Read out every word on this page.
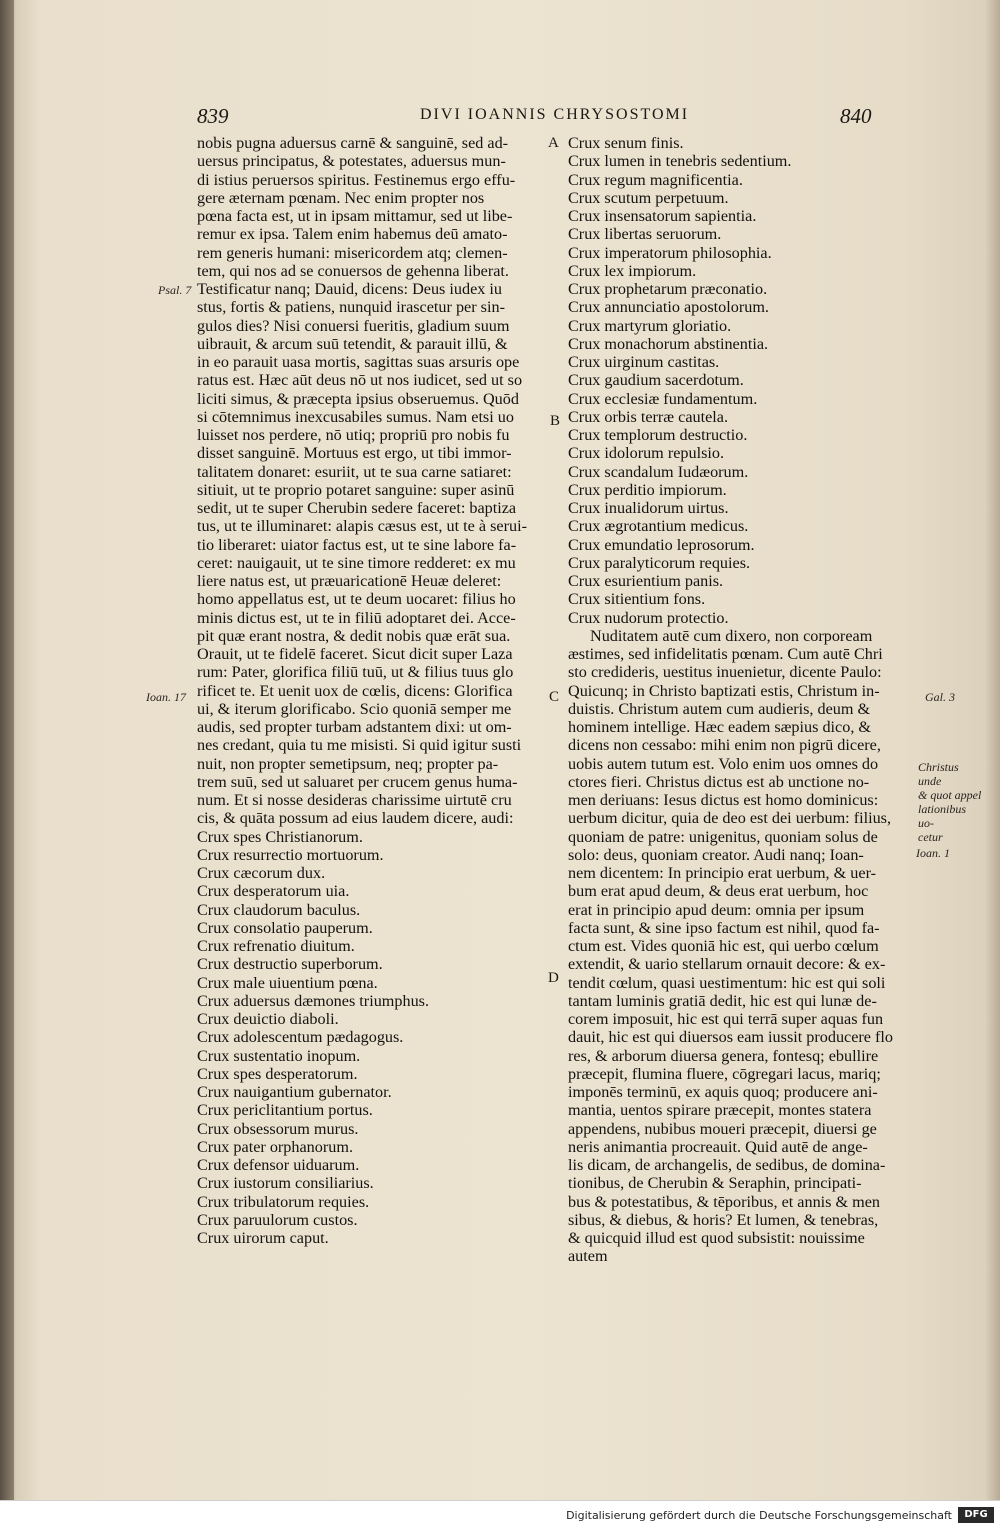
839	DIVI IOANNIS CHRYSOSTOMI	840
nobis pugna aduersus carnē & sanguinē, sed ad-
uersus principatus, & potestates, aduersus mun-
di istius peruersos spiritus. Festinemus ergo effu-
gere æternam pœnam. Nec enim propter nos
pœna facta est, ut in ipsam mittamur, sed ut libe-
remur ex ipsa. Talem enim habemus deū amato-
rem generis humani: misericordem atq; clemen-
tem, qui nos ad se conuersos de gehenna liberat.
Testificatur nanq; Dauid, dicens: Deus iudex iu
stus, fortis & patiens, nunquid irascetur per sin-
gulos dies? Nisi conuersi fueritis, gladium suum
uibrauit, & arcum suū tetendit, & parauit illū, &
in eo parauit uasa mortis, sagittas suas arsuris ope
ratus est. Hæc aūt deus nō ut nos iudicet, sed ut so
liciti simus, & præcepta ipsius obseruemus. Quōd
si cōtemnimus inexcusabiles sumus. Nam etsi uo
luisset nos perdere, nō utiq; propriū pro nobis fu
disset sanguinē. Mortuus est ergo, ut tibi immor-
talitatem donaret: esuriit, ut te sua carne satiaret:
sitiuit, ut te proprio potaret sanguine: super asinū
sedit, ut te super Cherubin sedere faceret: baptiza
tus, ut te illuminaret: alapis cæsus est, ut te à serui-
tio liberaret: uiator factus est, ut te sine labore fa-
ceret: nauigauit, ut te sine timore redderet: ex mu
liere natus est, ut præuaricationē Heuæ deleret:
homo appellatus est, ut te deum uocaret: filius ho
minis dictus est, ut te in filiū adoptaret dei. Acce-
pit quæ erant nostra, & dedit nobis quæ erāt sua.
Orauit, ut te fidelē faceret. Sicut dicit super Laza
rum: Pater, glorifica filiū tuū, ut & filius tuus glo
rificet te. Et uenit uox de cœlis, dicens: Glorifica
ui, & iterum glorificabo. Scio quoniā semper me
audis, sed propter turbam adstantem dixi: ut om-
nes credant, quia tu me misisti. Si quid igitur susti
nuit, non propter semetipsum, neq; propter pa-
trem suū, sed ut saluaret per crucem genus huma-
num. Et si nosse desideras charissime uirtutē cru
cis, & quāta possum ad eius laudem dicere, audi:
Crux spes Christianorum.
Crux resurrectio mortuorum.
Crux cæcorum dux.
Crux desperatorum uia.
Crux claudorum baculus.
Crux consolatio pauperum.
Crux refrenatio diuitum.
Crux destructio superborum.
Crux male uiuentium pœna.
Crux aduersus dæmones triumphus.
Crux deuictio diaboli.
Crux adolescentum pædagogus.
Crux sustentatio inopum.
Crux spes desperatorum.
Crux nauigantium gubernator.
Crux periclitantium portus.
Crux obsessorum murus.
Crux pater orphanorum.
Crux defensor uiduarum.
Crux iustorum consiliarius.
Crux tribulatorum requies.
Crux paruulorum custos.
Crux uirorum caput.
Crux senum finis.
Crux lumen in tenebris sedentium.
Crux regum magnificentia.
Crux scutum perpetuum.
Crux insensatorum sapientia.
Crux libertas seruorum.
Crux imperatorum philosophia.
Crux lex impiorum.
Crux prophetarum præconatio.
Crux annunciatio apostolorum.
Crux martyrum gloriatio.
Crux monachorum abstinentia.
Crux uirginum castitas.
Crux gaudium sacerdotum.
Crux ecclesiæ fundamentum.
Crux orbis terræ cautela.
Crux templorum destructio.
Crux idolorum repulsio.
Crux scandalum Iudæorum.
Crux perditio impiorum.
Crux inualidorum uirtus.
Crux ægrotantium medicus.
Crux emundatio leprosorum.
Crux paralyticorum requies.
Crux esurientium panis.
Crux sitientium fons.
Crux nudorum protectio.
Nuditatem autē cum dixero, non corpoream
æstimes, sed infidelitatis pœnam. Cum autē Chri
sto credideris, uestitus inuenietur, dicente Paulo:
Quicunq; in Christo baptizati estis, Christum in-
duistis. Christum autem cum audieris, deum &
hominem intellige. Hæc eadem sæpius dico, &
dicens non cessabo: mihi enim non pigrū dicere,
uobis autem tutum est. Volo enim uos omnes do
ctores fieri. Christus dictus est ab unctione no-
men deriuans: Iesus dictus est homo dominicus:
uerbum dicitur, quia de deo est dei uerbum: filius,
quoniam de patre: unigenitus, quoniam solus de
solo: deus, quoniam creator. Audi nanq; Ioan-
nem dicentem: In principio erat uerbum, & uer-
bum erat apud deum, & deus erat uerbum, hoc
erat in principio apud deum: omnia per ipsum
facta sunt, & sine ipso factum est nihil, quod fa-
ctum est. Vides quoniā hic est, qui uerbo cœlum
extendit, & uario stellarum ornauit decore: & ex-
tendit cœlum, quasi uestimentum: hic est qui soli
tantam luminis gratiā dedit, hic est qui lunæ de-
corem imposuit, hic est qui terrā super aquas fun
dauit, hic est qui diuersos eam iussit producere flo
res, & arborum diuersa genera, fontesq; ebullire
præcepit, flumina fluere, cōgregari lacus, mariq;
imponēs terminū, ex aquis quoq; producere ani-
mantia, uentos spirare præcepit, montes statera
appendens, nubibus moueri præcepit, diuersi ge
neris animantia procreauit. Quid autē de ange-
lis dicam, de archangelis, de sedibus, de domina-
tionibus, de Cherubin & Seraphin, principati-
bus & potestatibus, & tēporibus, et annis & men
sibus, & diebus, & horis? Et lumen, & tenebras,
& quicquid illud est quod subsistit: nouissime
autem
A
B
C
D
Psal. 7
Ioan. 17	Gal. 3
Christus unde
& quot appel
lationibus uo-
cetur
Ioan. 1
Digitalisierung gefördert durch die Deutsche Forschungsgemeinschaft	DFG
